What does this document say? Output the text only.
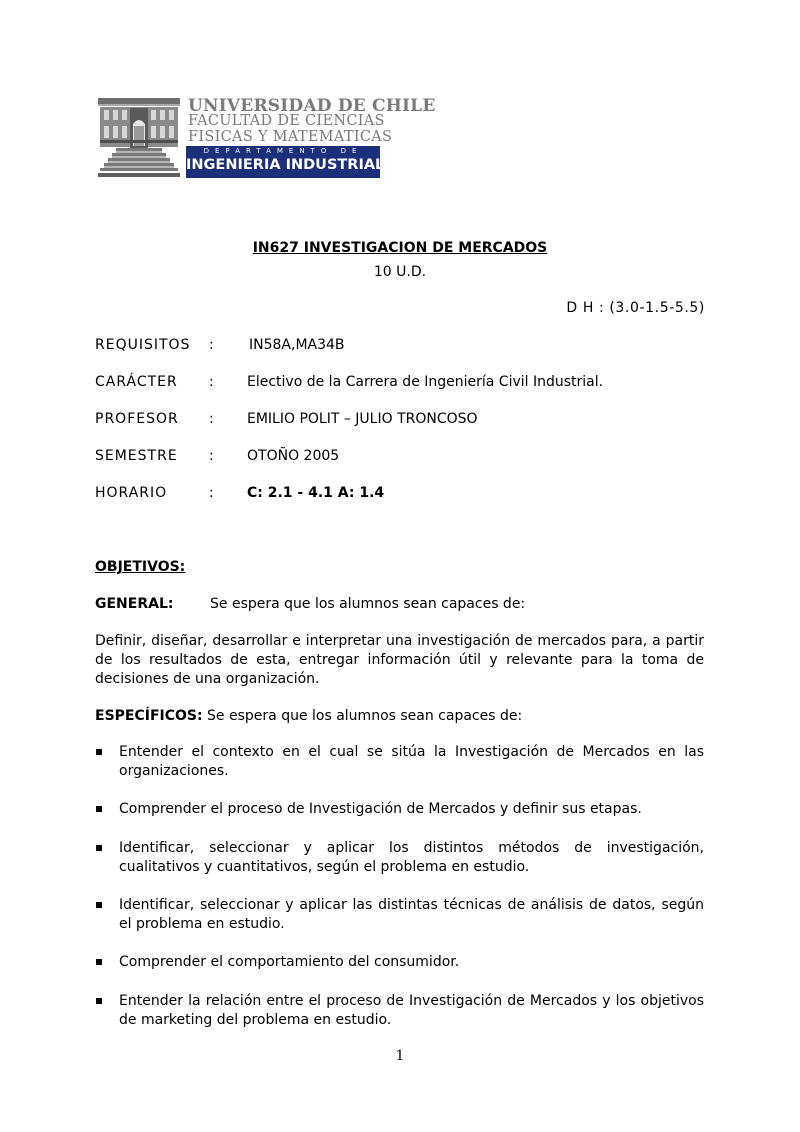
UNIVERSIDAD DE CHILE
FACULTAD DE CIENCIAS
FISICAS Y MATEMATICAS
DEPARTAMENTO DE
INGENIERIA INDUSTRIAL
IN627 INVESTIGACION DE MERCADOS
10 U.D.
D H : (3.0-1.5-5.5)
REQUISITOS :	IN58A,MA34B
CARÁCTER : Electivo de la Carrera de Ingeniería Civil Industrial.
PROFESOR : EMILIO POLIT – JULIO TRONCOSO
SEMESTRE : OTOÑO 2005
HORARIO	: C: 2.1 - 4.1 A: 1.4
OBJETIVOS:
GENERAL:	Se espera que los alumnos sean capaces de:
Definir, diseñar, desarrollar e interpretar una investigación de mercados para, a partir de los resultados de esta, entregar información útil y relevante para la toma de decisiones de una organización.
ESPECÍFICOS: Se espera que los alumnos sean capaces de:
Entender el contexto en el cual se sitúa la Investigación de Mercados en las organizaciones.
Comprender el proceso de Investigación de Mercados y definir sus etapas.
Identificar, seleccionar y aplicar los distintos métodos de investigación, cualitativos y cuantitativos, según el problema en estudio.
Identificar, seleccionar y aplicar las distintas técnicas de análisis de datos, según el problema en estudio.
Comprender el comportamiento del consumidor.
Entender la relación entre el proceso de Investigación de Mercados y los objetivos de marketing del problema en estudio.
1
